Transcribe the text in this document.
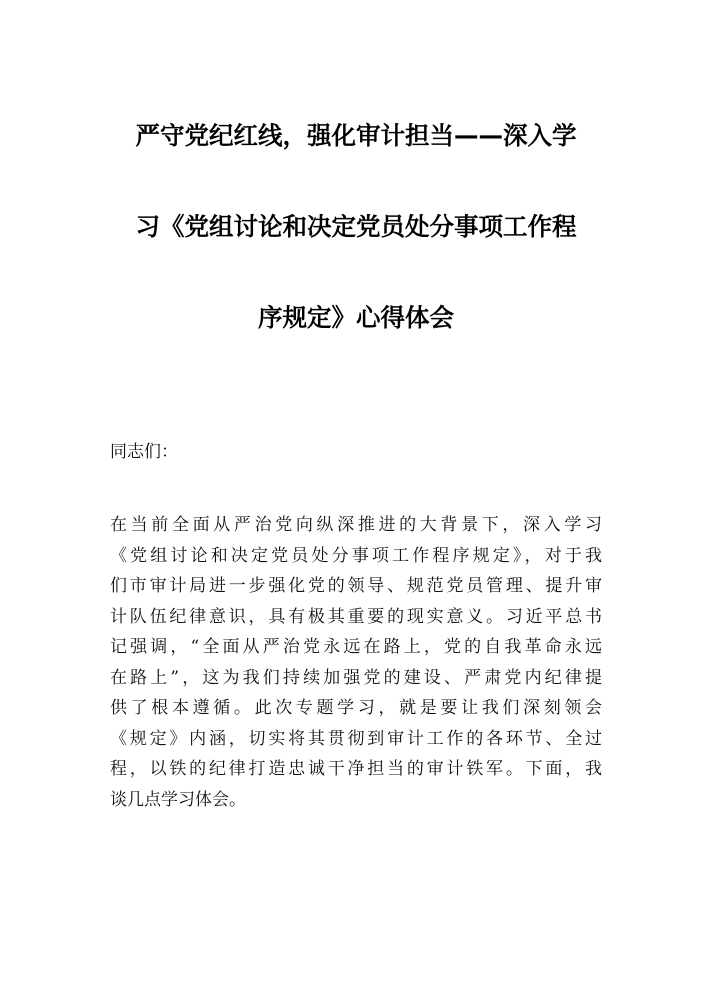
严守党纪红线，强化审计担当——深入学
习《党组讨论和决定党员处分事项工作程
序规定》心得体会
同志们：
在当前全面从严治党向纵深推进的大背景下，深入学习
《党组讨论和决定党员处分事项工作程序规定》，对于我
们市审计局进一步强化党的领导、规范党员管理、提升审
计队伍纪律意识，具有极其重要的现实意义。习近平总书
记强调，“全面从严治党永远在路上，党的自我革命永远
在路上”，这为我们持续加强党的建设、严肃党内纪律提
供了根本遵循。此次专题学习，就是要让我们深刻领会
《规定》内涵，切实将其贯彻到审计工作的各环节、全过
程，以铁的纪律打造忠诚干净担当的审计铁军。下面，我
谈几点学习体会。
